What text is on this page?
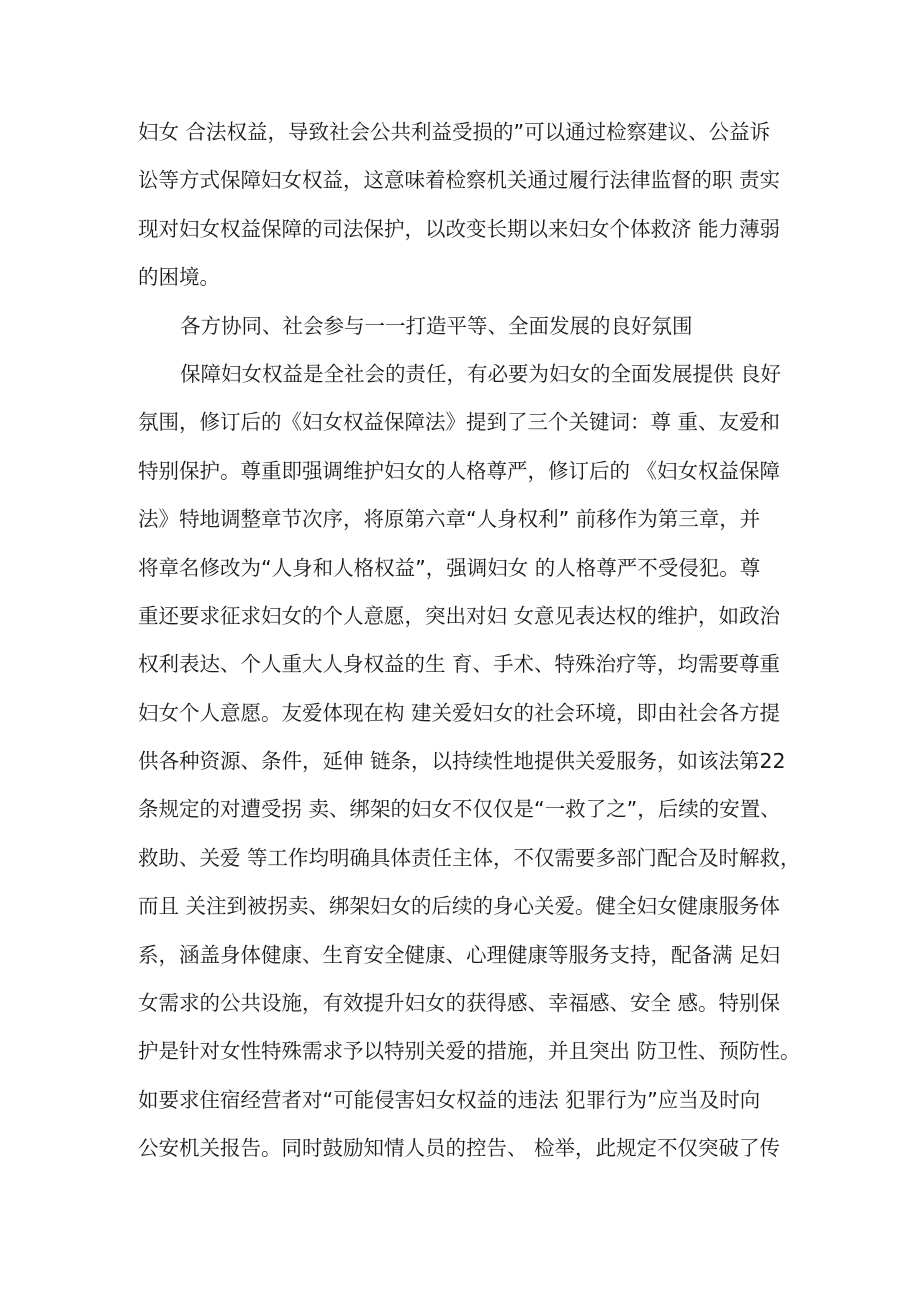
妇女 合法权益，导致社会公共利益受损的”可以通过检察建议、公益诉
讼等方式保障妇女权益，这意味着检察机关通过履行法律监督的职 责实
现对妇女权益保障的司法保护，以改变长期以来妇女个体救济 能力薄弱
的困境。
各方协同、社会参与一一打造平等、全面发展的良好氛围
保障妇女权益是全社会的责任，有必要为妇女的全面发展提供 良好
氛围，修订后的《妇女权益保障法》提到了三个关键词：尊 重、友爱和
特别保护。尊重即强调维护妇女的人格尊严，修订后的 《妇女权益保障
法》特地调整章节次序，将原第六章“人身权利” 前移作为第三章，并
将章名修改为“人身和人格权益”，强调妇女 的人格尊严不受侵犯。尊
重还要求征求妇女的个人意愿，突出对妇 女意见表达权的维护，如政治
权利表达、个人重大人身权益的生 育、手术、特殊治疗等，均需要尊重
妇女个人意愿。友爱体现在构 建关爱妇女的社会环境，即由社会各方提
供各种资源、条件，延伸 链条，以持续性地提供关爱服务，如该法第22
条规定的对遭受拐 卖、绑架的妇女不仅仅是“一救了之”，后续的安置、
救助、关爱 等工作均明确具体责任主体，不仅需要多部门配合及时解救，
而且 关注到被拐卖、绑架妇女的后续的身心关爱。健全妇女健康服务体
系，涵盖身体健康、生育安全健康、心理健康等服务支持，配备满 足妇
女需求的公共设施，有效提升妇女的获得感、幸福感、安全 感。特别保
护是针对女性特殊需求予以特别关爱的措施，并且突出 防卫性、预防性。
如要求住宿经营者对“可能侵害妇女权益的违法 犯罪行为”应当及时向
公安机关报告。同时鼓励知情人员的控告、 检举，此规定不仅突破了传
